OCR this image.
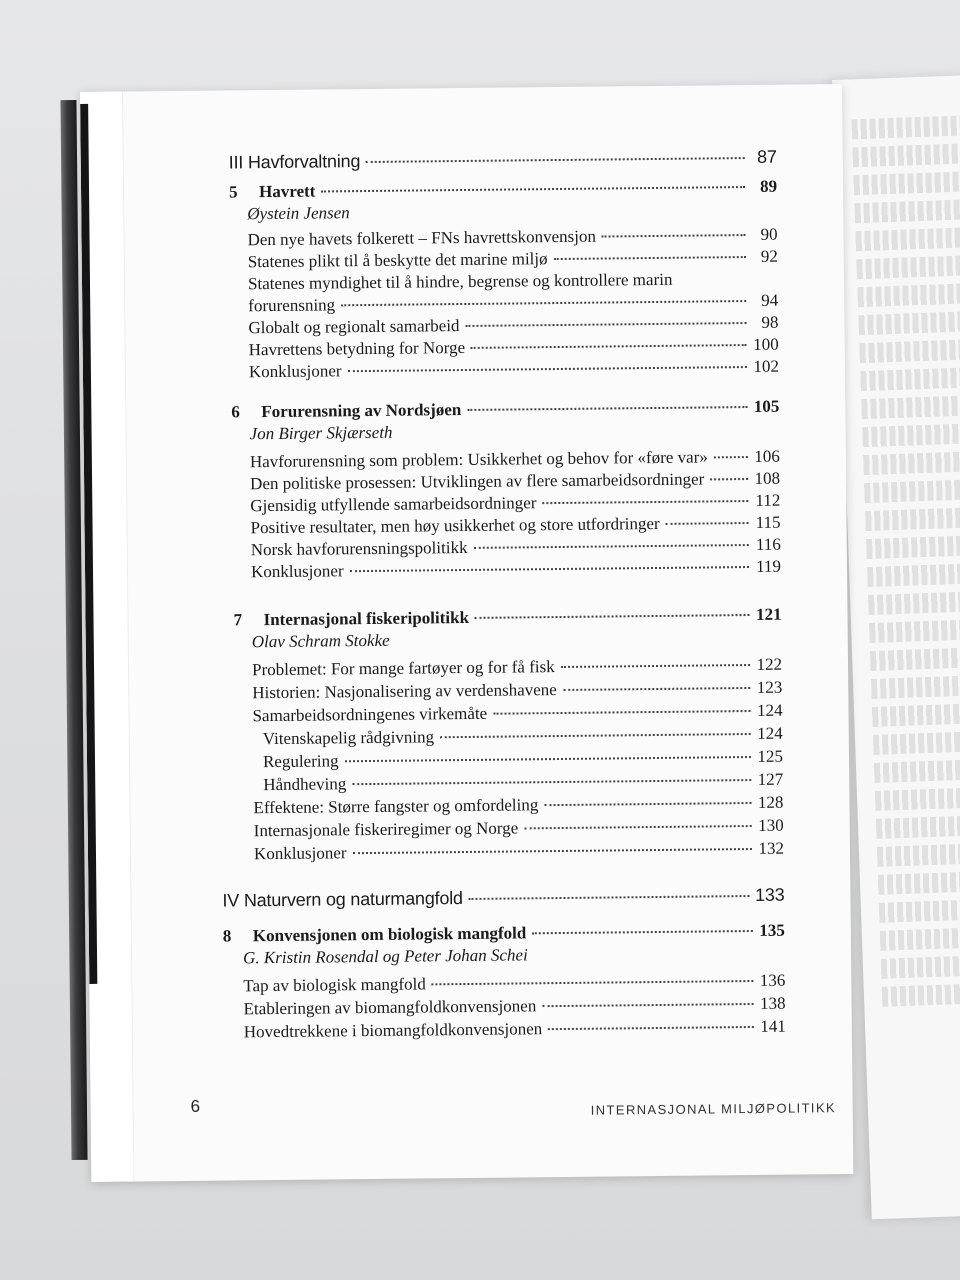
III Havforvaltning	87
5	Havrett	89
Øystein Jensen
Den nye havets folkerett – FNs havrettskonvensjon	90
Statenes plikt til å beskytte det marine miljø	92
Statenes myndighet til å hindre, begrense og kontrollere marin
forurensning	94
Globalt og regionalt samarbeid	98
Havrettens betydning for Norge	100
Konklusjoner	102
6	Forurensning av Nordsjøen	105
Jon Birger Skjærseth
Havforurensning som problem: Usikkerhet og behov for «føre var»	106
Den politiske prosessen: Utviklingen av flere samarbeidsordninger	108
Gjensidig utfyllende samarbeidsordninger	112
Positive resultater, men høy usikkerhet og store utfordringer	115
Norsk havforurensningspolitikk	116
Konklusjoner	119
7	Internasjonal fiskeripolitikk	121
Olav Schram Stokke
Problemet: For mange fartøyer og for få fisk	122
Historien: Nasjonalisering av verdenshavene	123
Samarbeidsordningenes virkemåte	124
Vitenskapelig rådgivning	124
Regulering	125
Håndheving	127
Effektene: Større fangster og omfordeling	128
Internasjonale fiskeriregimer og Norge	130
Konklusjoner	132
IV Naturvern og naturmangfold	133
8	Konvensjonen om biologisk mangfold	135
G. Kristin Rosendal og Peter Johan Schei
Tap av biologisk mangfold	136
Etableringen av biomangfoldkonvensjonen	138
Hovedtrekkene i biomangfoldkonvensjonen	141
6	INTERNASJONAL MILJØPOLITIKK
